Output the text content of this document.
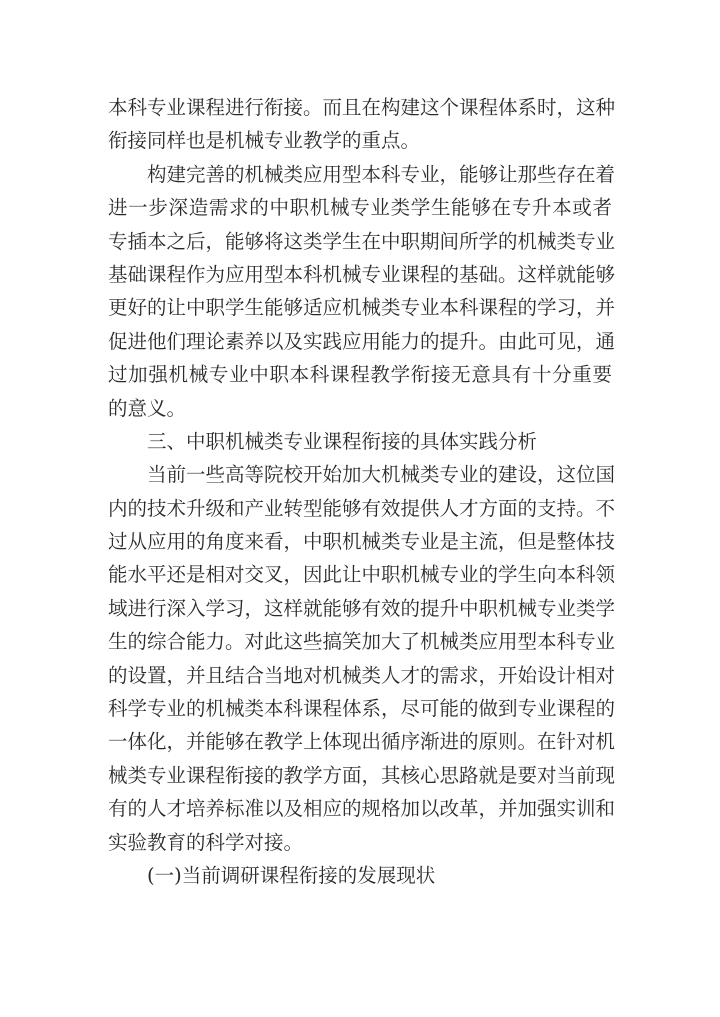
本科专业课程进行衔接。而且在构建这个课程体系时，这种
衔接同样也是机械专业教学的重点。
构建完善的机械类应用型本科专业，能够让那些存在着
进一步深造需求的中职机械专业类学生能够在专升本或者
专插本之后，能够将这类学生在中职期间所学的机械类专业
基础课程作为应用型本科机械专业课程的基础。这样就能够
更好的让中职学生能够适应机械类专业本科课程的学习，并
促进他们理论素养以及实践应用能力的提升。由此可见，通
过加强机械专业中职本科课程教学衔接无意具有十分重要
的意义。
三、中职机械类专业课程衔接的具体实践分析
当前一些高等院校开始加大机械类专业的建设，这位国
内的技术升级和产业转型能够有效提供人才方面的支持。不
过从应用的角度来看，中职机械类专业是主流，但是整体技
能水平还是相对交叉，因此让中职机械专业的学生向本科领
域进行深入学习，这样就能够有效的提升中职机械专业类学
生的综合能力。对此这些搞笑加大了机械类应用型本科专业
的设置，并且结合当地对机械类人才的需求，开始设计相对
科学专业的机械类本科课程体系，尽可能的做到专业课程的
一体化，并能够在教学上体现出循序渐进的原则。在针对机
械类专业课程衔接的教学方面，其核心思路就是要对当前现
有的人才培养标准以及相应的规格加以改革，并加强实训和
实验教育的科学对接。
(一)当前调研课程衔接的发展现状
